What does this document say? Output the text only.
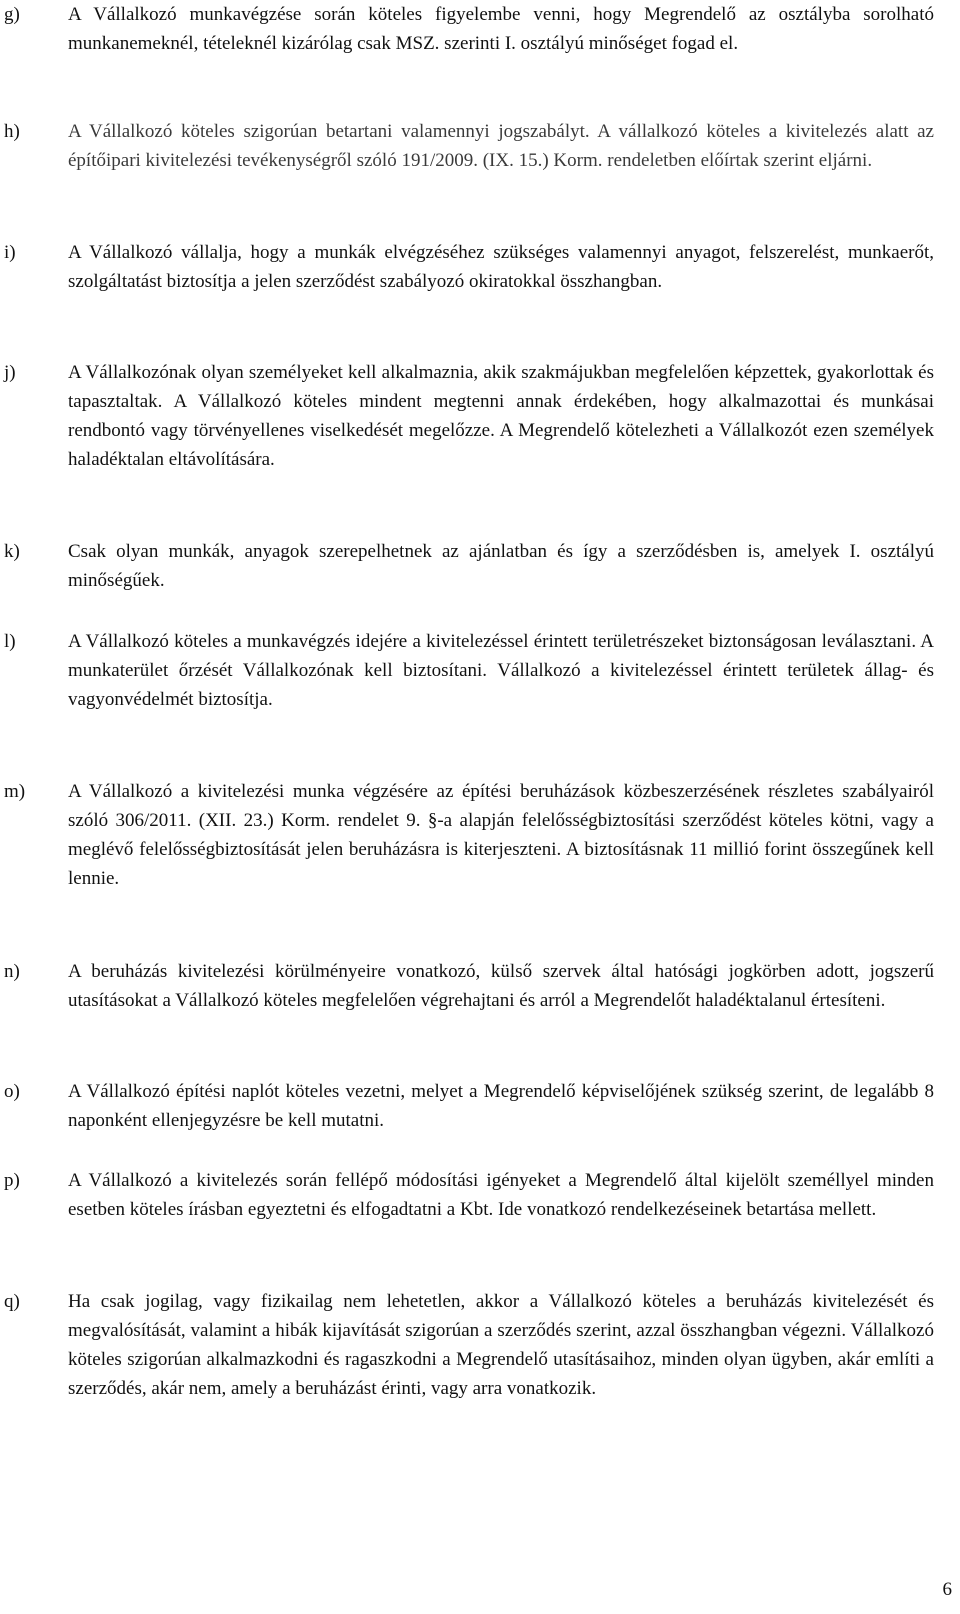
g)	A Vállalkozó munkavégzése során köteles figyelembe venni, hogy Megrendelő az osztályba sorolható munkanemeknél, tételeknél kizárólag csak MSZ. szerinti I. osztályú minőséget fogad el.
h)	A Vállalkozó köteles szigorúan betartani valamennyi jogszabályt. A vállalkozó köteles a kivitelezés alatt az építőipari kivitelezési tevékenységről szóló 191/2009. (IX. 15.) Korm. rendeletben előírtak szerint eljárni.
i)	A Vállalkozó vállalja, hogy a munkák elvégzéséhez szükséges valamennyi anyagot, felszerelést, munkaerőt, szolgáltatást biztosítja a jelen szerződést szabályozó okiratokkal összhangban.
j)	A Vállalkozónak olyan személyeket kell alkalmaznia, akik szakmájukban megfelelően képzettek, gyakorlottak és tapasztaltak. A Vállalkozó köteles mindent megtenni annak érdekében, hogy alkalmazottai és munkásai rendbontó vagy törvényellenes viselkedését megelőzze. A Megrendelő kötelezheti a Vállalkozót ezen személyek haladéktalan eltávolítására.
k)	Csak olyan munkák, anyagok szerepelhetnek az ajánlatban és így a szerződésben is, amelyek I. osztályú minőségűek.
l)	A Vállalkozó köteles a munkavégzés idejére a kivitelezéssel érintett területrészeket biztonságosan leválasztani. A munkaterület őrzését Vállalkozónak kell biztosítani. Vállalkozó a kivitelezéssel érintett területek állag- és vagyonvédelmét biztosítja.
m)	A Vállalkozó a kivitelezési munka végzésére az építési beruházások közbeszerzésének részletes szabályairól szóló 306/2011. (XII. 23.) Korm. rendelet 9. §-a alapján felelősségbiztosítási szerződést köteles kötni, vagy a meglévő felelősségbiztosítását jelen beruházásra is kiterjeszteni. A biztosításnak 11 millió forint összegűnek kell lennie.
n)	A beruházás kivitelezési körülményeire vonatkozó, külső szervek által hatósági jogkörben adott, jogszerű utasításokat a Vállalkozó köteles megfelelően végrehajtani és arról a Megrendelőt haladéktalanul értesíteni.
o)	A Vállalkozó építési naplót köteles vezetni, melyet a Megrendelő képviselőjének szükség szerint, de legalább 8 naponként ellenjegyzésre be kell mutatni.
p)	A Vállalkozó a kivitelezés során fellépő módosítási igényeket a Megrendelő által kijelölt személlyel minden esetben köteles írásban egyeztetni és elfogadtatni a Kbt. Ide vonatkozó rendelkezéseinek betartása mellett.
q)	Ha csak jogilag, vagy fizikailag nem lehetetlen, akkor a Vállalkozó köteles a beruházás kivitelezését és megvalósítását, valamint a hibák kijavítását szigorúan a szerződés szerint, azzal összhangban végezni. Vállalkozó köteles szigorúan alkalmazkodni és ragaszkodni a Megrendelő utasításaihoz, minden olyan ügyben, akár említi a szerződés, akár nem, amely a beruházást érinti, vagy arra vonatkozik.
6
